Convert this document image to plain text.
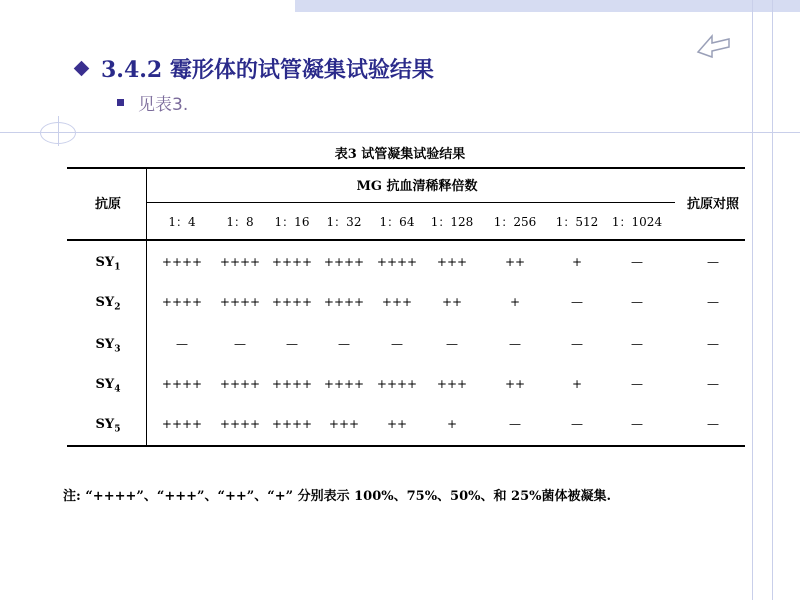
3.4.2 霉形体的试管凝集试验结果
见表3.
表3 试管凝集试验结果
抗原
MG 抗血清稀释倍数
抗原对照
1：4	1：8 1：16 1：32 1：64 1：128 1：256 1：512 1：1024
$SY_1$	++++ ++++ ++++ ++++ ++++ +++	++	+	—	—
$SY_2$	++++ ++++ ++++ ++++ +++ ++	+	—	—	—
$SY_3$	—	—	—	—	—	—	—	—	—	—
$SY_4$	++++ ++++ ++++ ++++ ++++ +++	++	+	—	—
$SY_5$	++++ ++++ ++++ +++ ++	+	—	—	—	—
注: “++++”、“+++”、“++”、“+” 分别表示 100%、75%、50%、和 25%菌体被凝集.
